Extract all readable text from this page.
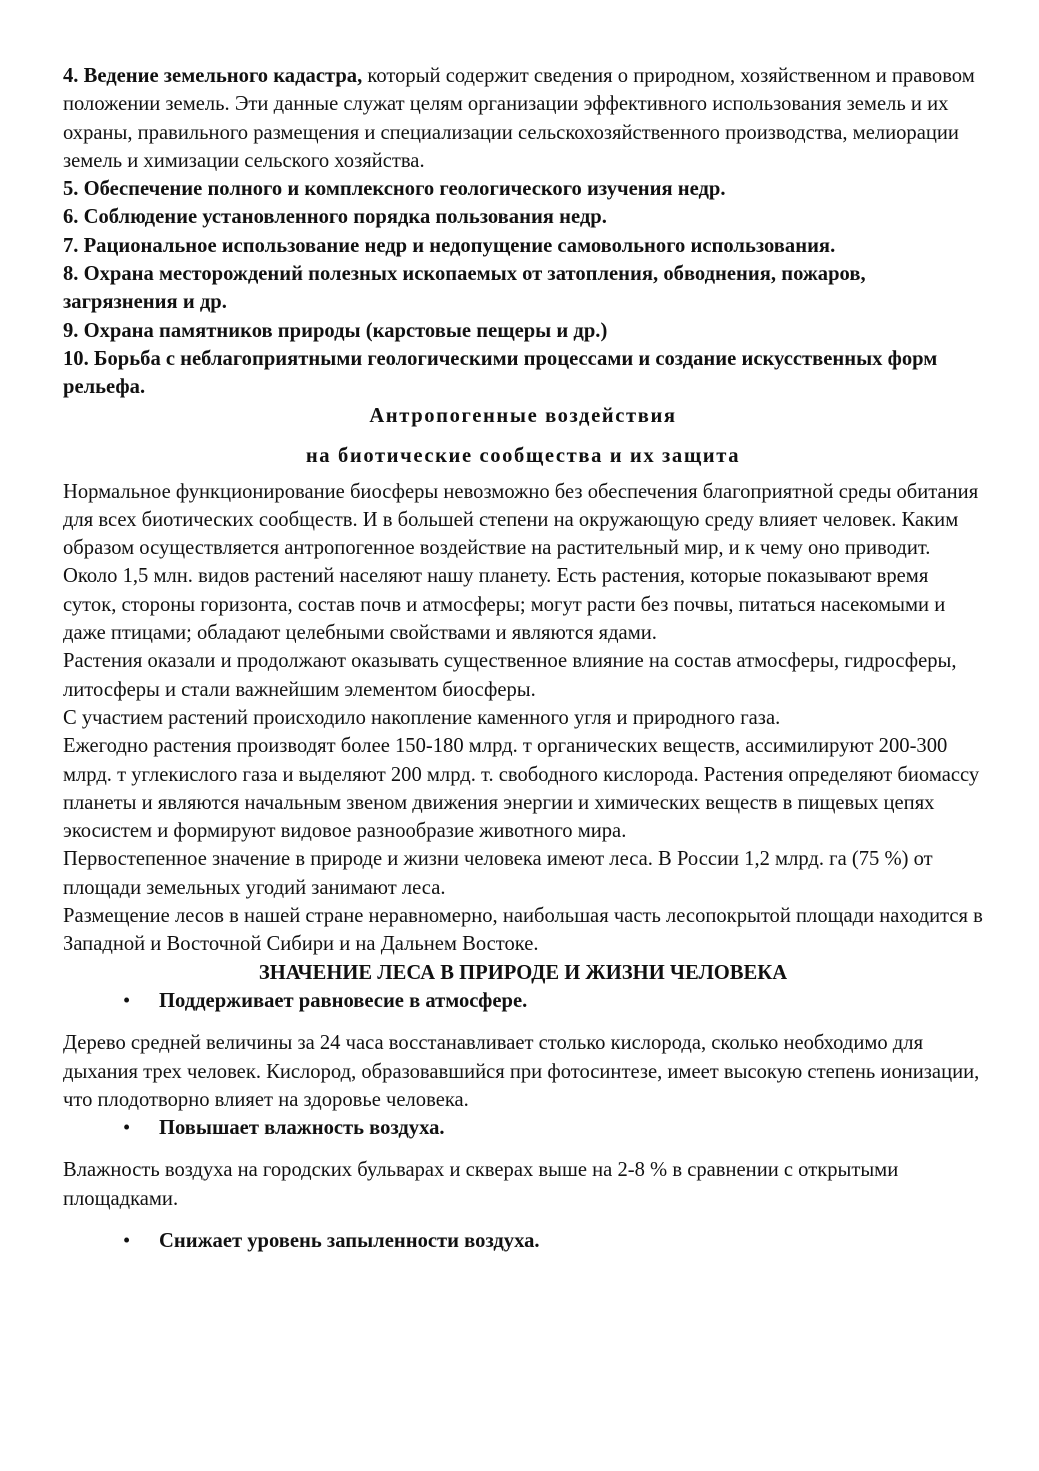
4. Ведение земельного кадастра, который содержит сведения о природном, хозяйственном и правовом положении земель. Эти данные служат целям организации эффективного использования земель и их охраны, правильного размещения и специализации сельскохозяйственного производства, мелиорации земель и химизации сельского хозяйства.

5. Обеспечение полного и комплексного геологического изучения недр.

6. Соблюдение установленного порядка пользования недр.

7. Рациональное использование недр и недопущение самовольного использования.

8. Охрана месторождений полезных ископаемых от затопления, обводнения, пожаров, загрязнения и др.

9. Охрана памятников природы (карстовые пещеры и др.)

10. Борьба с неблагоприятными геологическими процессами и создание искусственных форм рельефа.

Антропогенные воздействия

на биотические сообщества и их защита

Нормальное функционирование биосферы невозможно без обеспечения благоприятной среды обитания для всех биотических сообществ. И в большей степени на окружающую среду влияет человек. Каким образом осуществляется антропогенное воздействие на растительный мир, и к чему оно приводит.

Около 1,5 млн. видов растений населяют нашу планету. Есть растения, которые показывают время суток, стороны горизонта, состав почв и атмосферы; могут расти без почвы, питаться насекомыми и даже птицами; обладают целебными свойствами и являются ядами.

Растения оказали и продолжают оказывать существенное влияние на состав атмосферы, гидросферы, литосферы и стали важнейшим элементом биосферы.

С участием растений происходило накопление каменного угля и природного газа.

Ежегодно растения производят более 150-180 млрд. т органических веществ, ассимилируют 200-300 млрд. т углекислого газа и выделяют 200 млрд. т. свободного кислорода. Растения определяют биомассу планеты и являются начальным звеном движения энергии и химических веществ в пищевых цепях экосистем и формируют видовое разнообразие животного мира.

Первостепенное значение в природе и жизни человека имеют леса. В России 1,2 млрд. га (75 %) от площади земельных угодий занимают леса.

Размещение лесов в нашей стране неравномерно, наибольшая часть лесопокрытой площади находится в Западной и Восточной Сибири и на Дальнем Востоке.

ЗНАЧЕНИЕ ЛЕСА В ПРИРОДЕ И ЖИЗНИ ЧЕЛОВЕКА

• Поддерживает равновесие в атмосфере.

Дерево средней величины за 24 часа восстанавливает столько кислорода, сколько необходимо для дыхания трех человек. Кислород, образовавшийся при фотосинтезе, имеет высокую степень ионизации, что плодотворно влияет на здоровье человека.

• Повышает влажность воздуха.

Влажность воздуха на городских бульварах и скверах выше на 2-8 % в сравнении с открытыми площадками.

• Снижает уровень запыленности воздуха.
